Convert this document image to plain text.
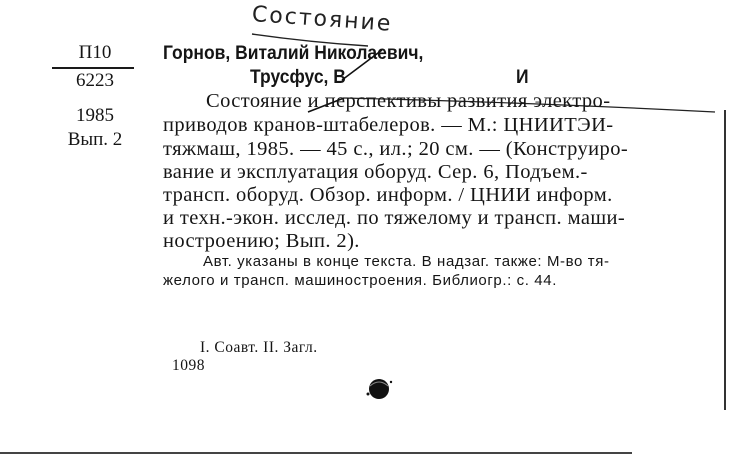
Состояние
П10
6223
1985
Вып. 2
Горнов, Виталий Николаевич,
Трусфус, В	И
Состояние и перспективы развития электро-
приводов кранов-штабелеров. — М.: ЦНИИТЭИ-
тяжмаш, 1985. — 45 с., ил.; 20 см. — (Конструиро-
вание и эксплуатация оборуд. Сер. 6, Подъем.-
трансп. оборуд. Обзор. информ. / ЦНИИ информ.
и техн.-экон. исслед. по тяжелому и трансп. маши-
ностроению; Вып. 2).
Авт. указаны в конце текста. В надзаг. также: М-во тя-
желого и трансп. машиностроения. Библиогр.: с. 44.
I. Соавт. II. Загл.
1098
